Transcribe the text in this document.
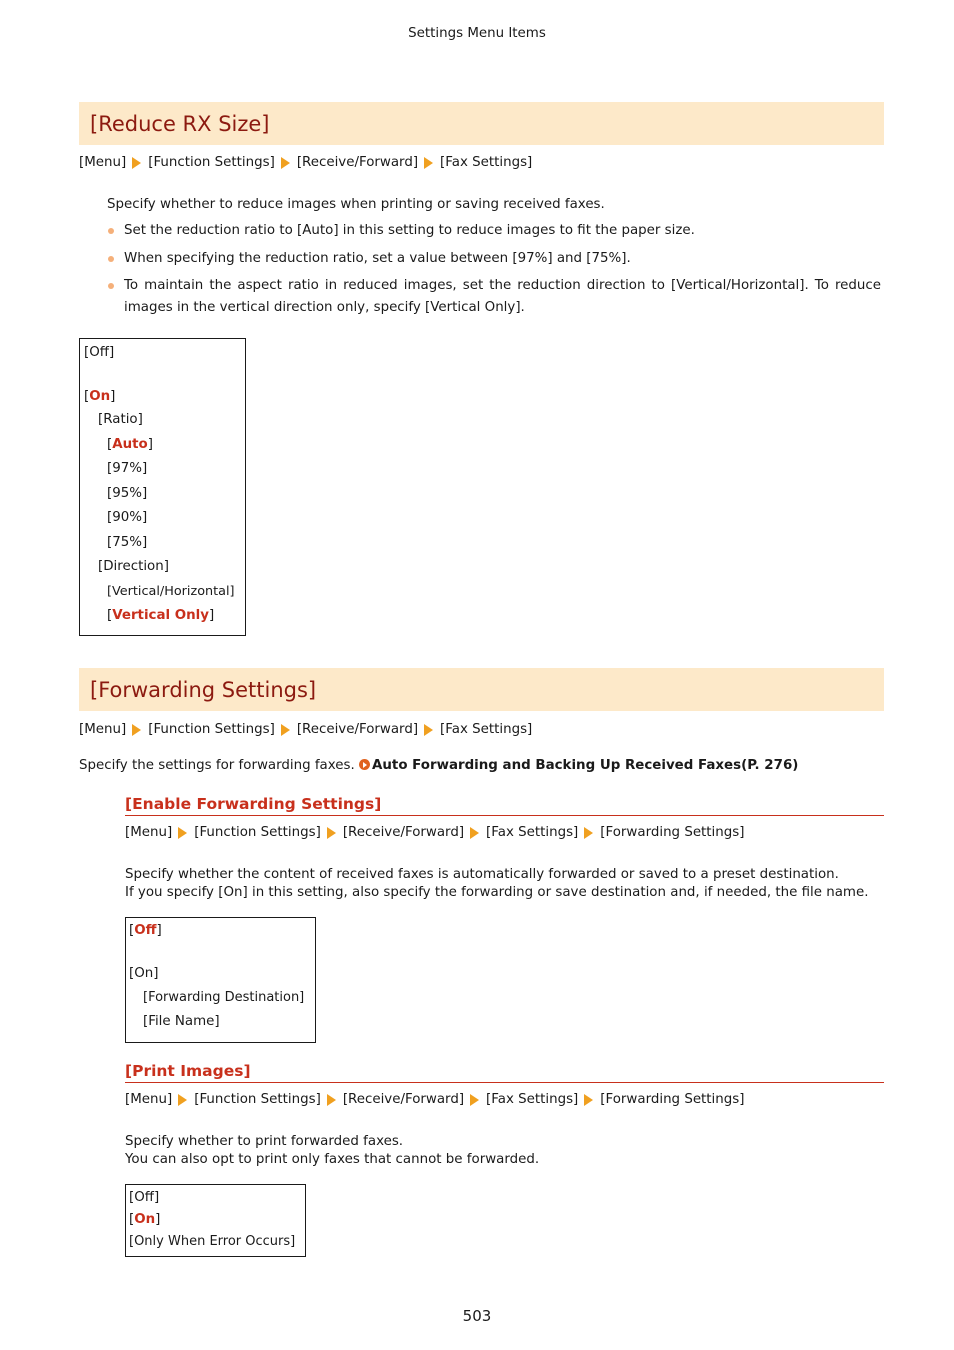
Settings Menu Items
[Reduce RX Size]
[Menu] [Function Settings] [Receive/Forward] [Fax Settings]
Specify whether to reduce images when printing or saving received faxes.
Set the reduction ratio to [Auto] in this setting to reduce images to fit the paper size.
When specifying the reduction ratio, set a value between [97%] and [75%].
To maintain the aspect ratio in reduced images, set the reduction direction to [Vertical/Horizontal]. To reduce images in the vertical direction only, specify [Vertical Only].
[Off]
[On]
[Ratio]
[Auto]
[97%]
[95%]
[90%]
[75%]
[Direction]
[Vertical/Horizontal]
[Vertical Only]
[Forwarding Settings]
[Menu] [Function Settings] [Receive/Forward] [Fax Settings]
Specify the settings for forwarding faxes. Auto Forwarding and Backing Up Received Faxes(P. 276)
[Enable Forwarding Settings]
[Menu] [Function Settings] [Receive/Forward] [Fax Settings] [Forwarding Settings]
Specify whether the content of received faxes is automatically forwarded or saved to a preset destination.
If you specify [On] in this setting, also specify the forwarding or save destination and, if needed, the file name.
[Off]
[On]
[Forwarding Destination]
[File Name]
[Print Images]
[Menu] [Function Settings] [Receive/Forward] [Fax Settings] [Forwarding Settings]
Specify whether to print forwarded faxes.
You can also opt to print only faxes that cannot be forwarded.
[Off]
[On]
[Only When Error Occurs]
503
